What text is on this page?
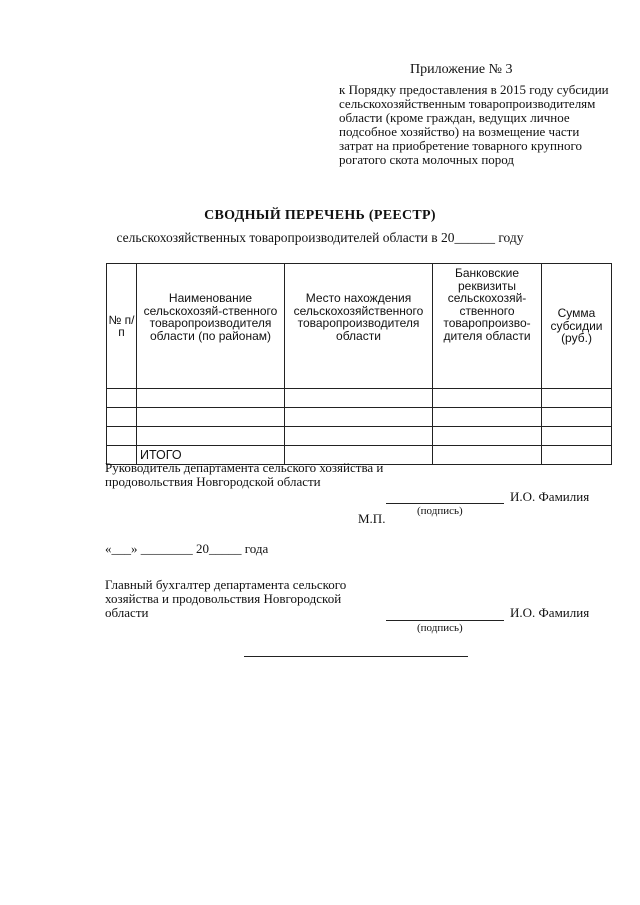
Приложение № 3
к Порядку предоставления в 2015 году субсидии сельскохозяйственным товаропроизводителям области (кроме граждан, ведущих личное подсобное хозяйство) на возмещение части затрат на приобретение товарного крупного рогатого скота молочных пород
СВОДНЫЙ ПЕРЕЧЕНЬ (РЕЕСТР)
сельскохозяйственных товаропроизводителей области в 20______ году
№ п/п	Наименование сельскохозяй-ственного товаропроизводителя области (по районам)	Место нахождения сельскохозяйственного товаропроизводителя области	Банковские реквизиты сельскохозяй-ственного товаропроизво-дителя области	Сумма субсидии (руб.)

	ИТОГО			
Руководитель департамента сельского хозяйства и продовольствия Новгородской области
И.О. Фамилия
(подпись)
М.П.
«___» ________ 20_____ года
Главный бухгалтер департамента сельского хозяйства и продовольствия Новгородской области	И.О. Фамилия
(подпись)
